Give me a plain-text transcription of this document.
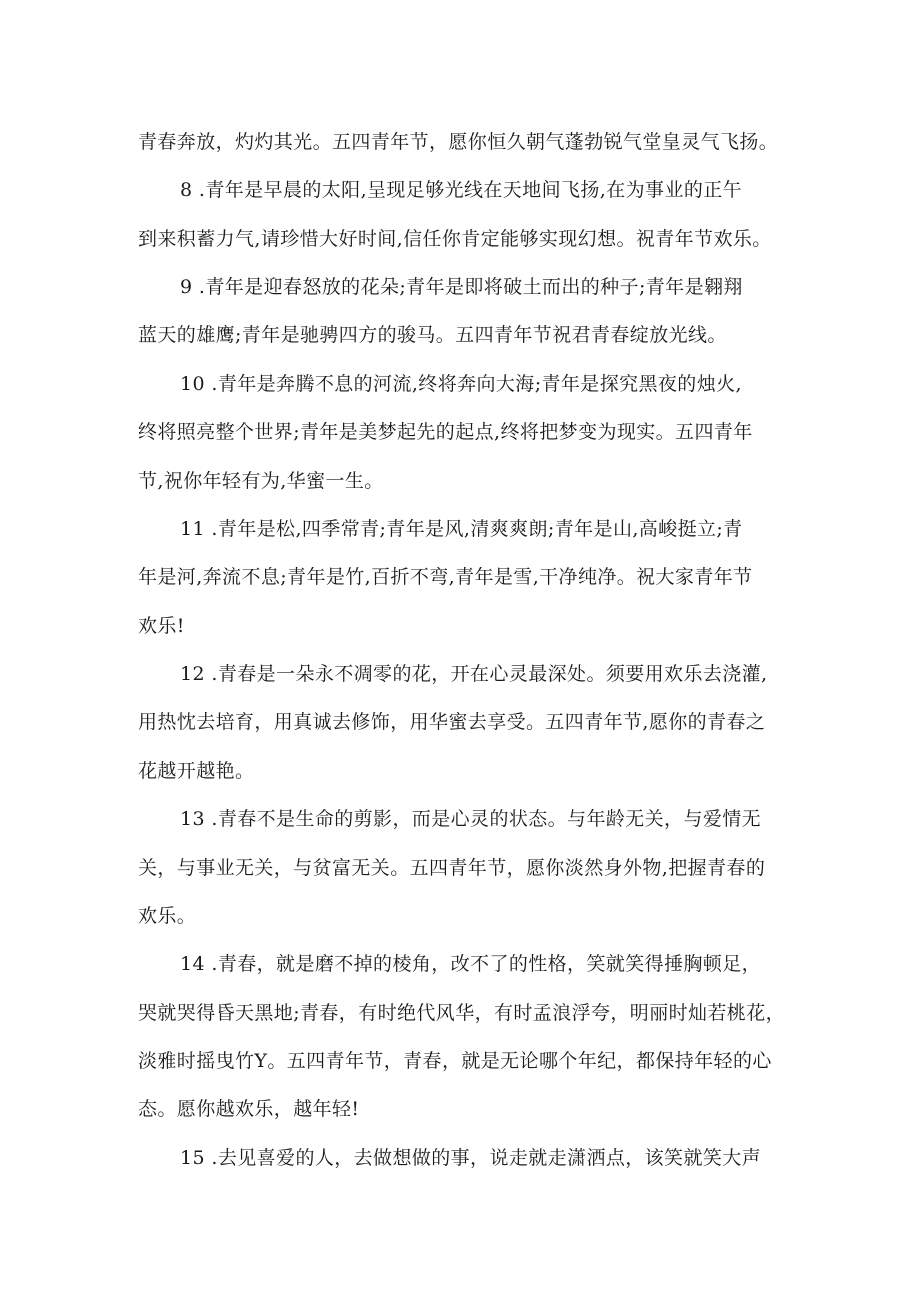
青春奔放，灼灼其光。五四青年节，愿你恒久朝气蓬勃锐气堂皇灵气飞扬。
8 .青年是早晨的太阳,呈现足够光线在天地间飞扬,在为事业的正午
到来积蓄力气,请珍惜大好时间,信任你肯定能够实现幻想。祝青年节欢乐。
9 .青年是迎春怒放的花朵;青年是即将破土而出的种子;青年是翱翔
蓝天的雄鹰;青年是驰骋四方的骏马。五四青年节祝君青春绽放光线。
10 .青年是奔腾不息的河流,终将奔向大海;青年是探究黑夜的烛火,
终将照亮整个世界;青年是美梦起先的起点,终将把梦变为现实。五四青年
节,祝你年轻有为,华蜜一生。
11 .青年是松,四季常青;青年是风,清爽爽朗;青年是山,高峻挺立;青
年是河,奔流不息;青年是竹,百折不弯,青年是雪,干净纯净。祝大家青年节
欢乐!
12 .青春是一朵永不凋零的花，开在心灵最深处。须要用欢乐去浇灌,
用热忱去培育，用真诚去修饰，用华蜜去享受。五四青年节,愿你的青春之
花越开越艳。
13 .青春不是生命的剪影，而是心灵的状态。与年龄无关，与爱情无
关，与事业无关，与贫富无关。五四青年节，愿你淡然身外物,把握青春的
欢乐。
14 .青春，就是磨不掉的棱角，改不了的性格，笑就笑得捶胸顿足，
哭就哭得昏天黑地;青春，有时绝代风华，有时孟浪浮夸，明丽时灿若桃花，
淡雅时摇曳竹Y。五四青年节，青春，就是无论哪个年纪，都保持年轻的心
态。愿你越欢乐，越年轻!
15 .去见喜爱的人，去做想做的事，说走就走潇洒点，该笑就笑大声
